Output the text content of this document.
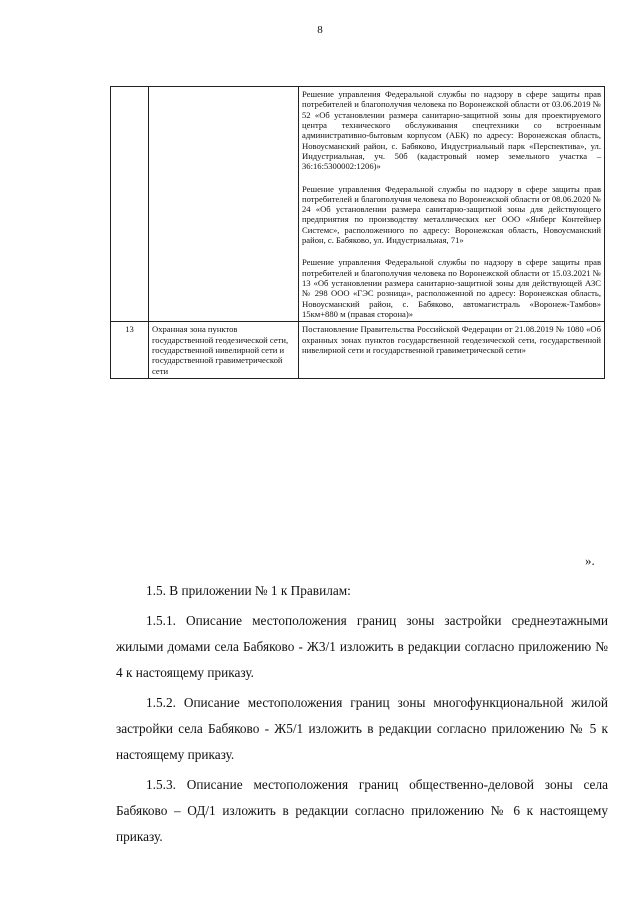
8

		Решение управления Федеральной службы по надзору в сфере защиты прав потребителей и благополучия человека по Воронежской области от 03.06.2019 № 52 «Об установлении размера санитарно-защитной зоны для проектируемого центра технического обслуживания спецтехники со встроенным административно-бытовым корпусом (АБК) по адресу: Воронежская область, Новоусманский район, с. Бабяково, Индустриальный парк «Перспектива», ул. Индустриальная, уч. 50б (кадастровый номер земельного участка – 36:16:5300002:1206)»
Решение управления Федеральной службы по надзору в сфере защиты прав потребителей и благополучия человека по Воронежской области от 08.06.2020 № 24 «Об установлении размера санитарно-защитной зоны для действующего предприятия по производству металлических кег ООО «Янберг Контейнер Системс», расположенного по адресу: Воронежская область, Новоусманский район, с. Бабяково, ул. Индустриальная, 71»
Решение управления Федеральной службы по надзору в сфере защиты прав потребителей и благополучия человека по Воронежской области от 15.03.2021 № 13 «Об установлении размера санитарно-защитной зоны для действующей АЗС № 298 ООО «ГЭС розница», расположенной по адресу: Воронежская область, Новоусманский район, с. Бабяково, автомагистраль «Воронеж-Тамбов» 15км+880 м (правая сторона)»

13	Охранная зона пунктов государственной геодезической сети, государственной нивелирной сети и государственной гравиметрической сети	Постановление Правительства Российской Федерации от 21.08.2019 № 1080 «Об охранных зонах пунктов государственной геодезической сети, государственной нивелирной сети и государственной гравиметрической сети»
».

1.5. В приложении № 1 к Правилам:

1.5.1. Описание местоположения границ зоны застройки среднеэтажными жилыми домами села Бабяково - Ж3/1 изложить в редакции согласно приложению № 4 к настоящему приказу.

1.5.2. Описание местоположения границ зоны многофункциональной жилой застройки села Бабяково - Ж5/1 изложить в редакции согласно приложению № 5 к настоящему приказу.

1.5.3. Описание местоположения границ общественно-деловой зоны села Бабяково – ОД/1 изложить в редакции согласно приложению № 6 к настоящему приказу.
